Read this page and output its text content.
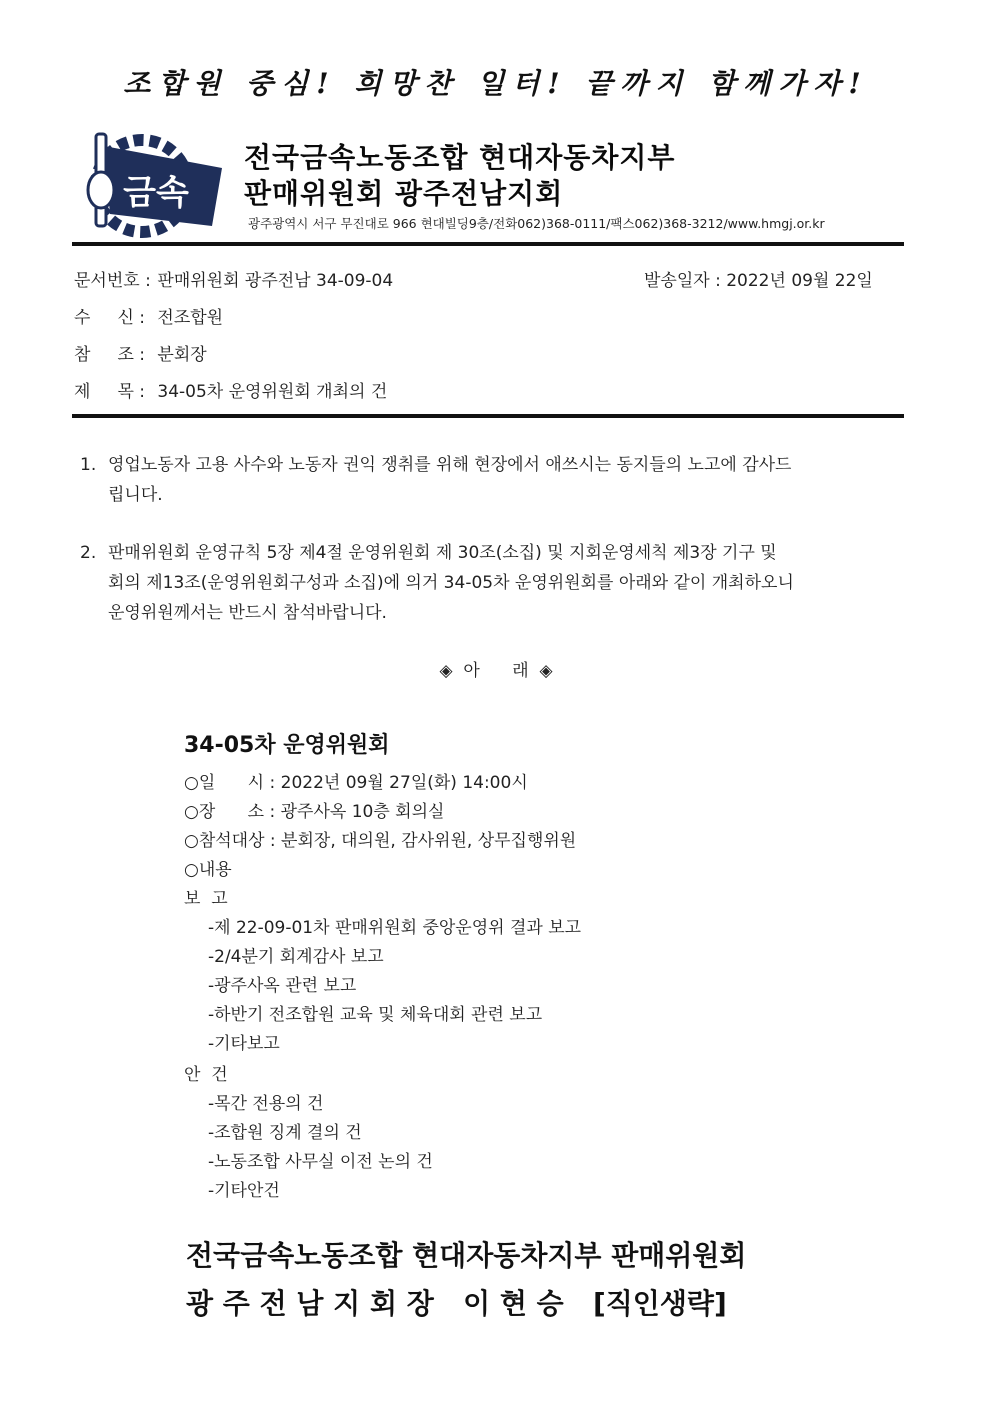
조합원 중심! 희망찬 일터! 끝까지 함께가자!
금속
전국금속노동조합 현대자동차지부
판매위원회 광주전남지회
광주광역시 서구 무진대로 966 현대빌딩9층/전화062)368-0111/팩스062)368-3212/www.hmgj.or.kr
문서번호 : 판매위원회 광주전남 34-09-04	발송일자 : 2022년 09월 22일
수     신 : 전조합원
참     조 : 분회장
제     목 : 34-05차 운영위원회 개최의 건
1. 영업노동자 고용 사수와 노동자 권익 쟁취를 위해 현장에서 애쓰시는 동지들의 노고에 감사드
립니다.
2. 판매위원회 운영규칙 5장 제4절 운영위원회 제 30조(소집) 및 지회운영세칙 제3장 기구 및
회의 제13조(운영위원회구성과 소집)에 의거 34-05차 운영위원회를 아래와 같이 개최하오니
운영위원께서는 반드시 참석바랍니다.
◈  아      래  ◈
34-05차 운영위원회
○일      시 : 2022년 09월 27일(화) 14:00시
○장      소 : 광주사옥 10층 회의실
○참석대상 : 분회장, 대의원, 감사위원, 상무집행위원
○내용
보  고
-제 22-09-01차 판매위원회 중앙운영위 결과 보고
-2/4분기 회계감사 보고
-광주사옥 관련 보고
-하반기 전조합원 교육 및 체육대회 관련 보고
-기타보고
안  건
-목간 전용의 건
-조합원 징계 결의 건
-노동조합 사무실 이전 논의 건
-기타안건
전국금속노동조합 현대자동차지부 판매위원회
광 주 전 남 지 회 장   이 현 승   [직인생략]
